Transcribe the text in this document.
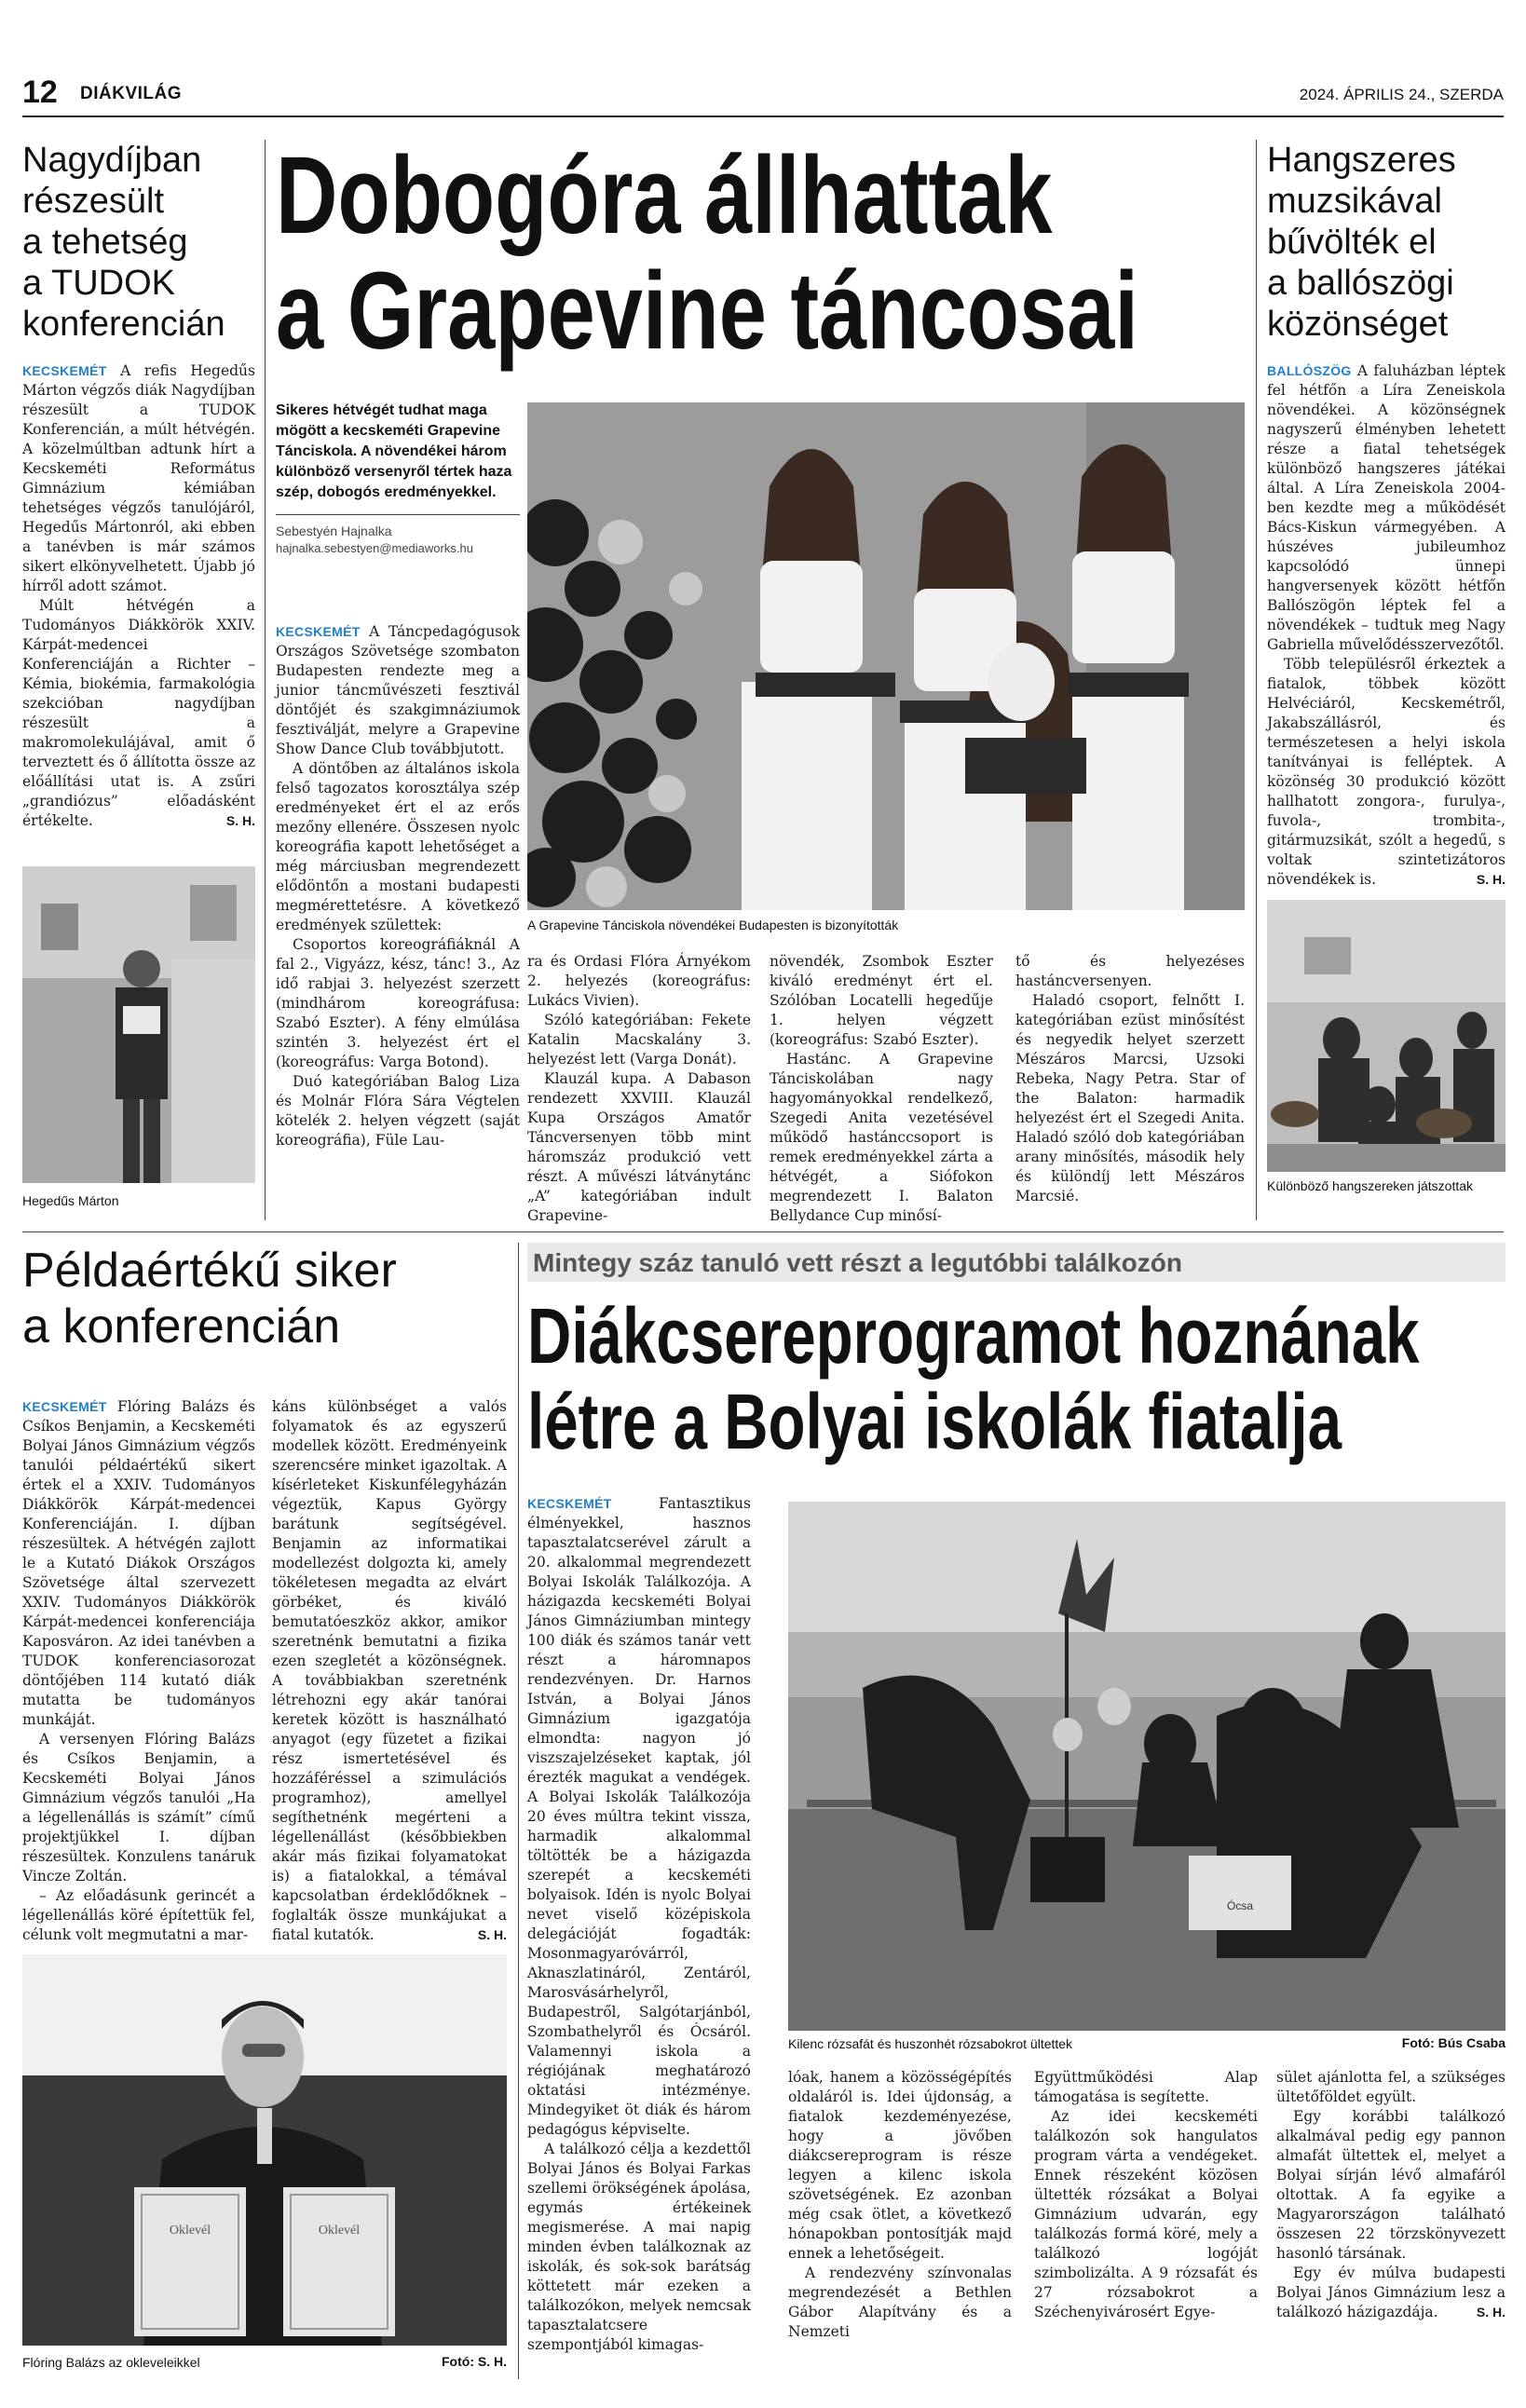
12 DIÁKVILÁG	2024. ÁPRILIS 24., SZERDA
Nagydíjban
részesült
a tehetség
a TUDOK
konferencián

KECSKEMÉT A refis Hegedűs Márton végzős diák Nagydíjban részesült a TUDOK Konferencián, a múlt hétvégén. A közelmúltban adtunk hírt a Kecskeméti Református Gimnázium kémiában tehetséges végzős tanulójáról, Hegedűs Mártonról, aki ebben a tanévben is már számos sikert elkönyvelhetett. Újabb jó hírről adott számot.

Múlt hétvégén a Tudományos Diákkörök XXIV. Kárpát-medencei Konferenciáján a Richter – Kémia, biokémia, farmakológia szekcióban nagydíjban részesült a makromolekulájával, amit ő terveztett és ő állította össze az előállítási utat is. A zsűri „grandiózus” előadásként értékelte.	S. H.

Hegedűs Márton
Dobogóra állhattak
a Grapevine táncosai
Sikeres hétvégét tudhat maga mögött a kecskeméti Grapevine Tánciskola. A növendékei három különböző versenyről tértek haza szép, dobogós eredményekkel.
Sebestyén Hajnalka
hajnalka.sebestyen@mediaworks.hu

KECSKEMÉT A Táncpedagógusok Országos Szövetsége szombaton Budapesten rendezte meg a junior táncművészeti fesztivál döntőjét és szakgimnáziumok fesztiválját, melyre a Grapevine Show Dance Club továbbjutott.

A döntőben az általános iskola felső tagozatos korosztálya szép eredményeket ért el az erős mezőny ellenére. Összesen nyolc koreográfia kapott lehetőséget a még márciusban megrendezett elődöntőn a mostani budapesti megmérettetésre. A következő eredmények születtek:

Csoportos koreográfiáknál A fal 2., Vigyázz, kész, tánc! 3., Az idő rabjai 3. helyezést szerzett (mindhárom koreográfusa: Szabó Eszter). A fény elmúlása szintén 3. helyezést ért el (koreográfus: Varga Botond).

Duó kategóriában Balog Liza és Molnár Flóra Sára Végtelen kötelék 2. helyen végzett (saját koreográfia), Füle Lau-

A Grapevine Tánciskola növendékei Budapesten is bizonyították

ra és Ordasi Flóra Árnyékom 2. helyezés (koreográfus: Lukács Vivien).

Szóló kategóriában: Fekete Katalin Macskalány 3. helyezést lett (Varga Donát).

Klauzál kupa. A Dabason rendezett XXVIII. Klauzál Kupa Országos Amatőr Táncversenyen több mint háromszáz produkció vett részt. A művészi látványtánc „A” kategóriában indult Grapevine-

növendék, Zsombok Eszter kiváló eredményt ért el. Szólóban Locatelli hegedűje 1. helyen végzett (koreográfus: Szabó Eszter).

Hastánc. A Grapevine Tánciskolában nagy hagyományokkal rendelkező, Szegedi Anita vezetésével működő hastánccsoport is remek eredményekkel zárta a hétvégét, a Siófokon megrendezett I. Balaton Bellydance Cup minősí-

tő és helyezéses hastáncversenyen.

Haladó csoport, felnőtt I. kategóriában ezüst minősítést és negyedik helyet szerzett Mészáros Marcsi, Uzsoki Rebeka, Nagy Petra. Star of the Balaton: harmadik helyezést ért el Szegedi Anita. Haladó szóló dob kategóriában arany minősítés, második hely és különdíj lett Mészáros Marcsié.

Hangszeres
muzsikával
bűvölték el
a ballószögi
közönséget

BALLÓSZÖG A faluházban léptek fel hétfőn a Líra Zeneiskola növendékei. A közönségnek nagyszerű élményben lehetett része a fiatal tehetségek különböző hangszeres játékai által. A Líra Zeneiskola 2004-ben kezdte meg a működését Bács-Kiskun vármegyében. A húszéves jubileumhoz kapcsolódó ünnepi hangversenyek között hétfőn Ballószögön léptek fel a növendékek – tudtuk meg Nagy Gabriella művelődésszervezőtől.

Több településről érkeztek a fiatalok, többek között Helvéciáról, Kecskemétről, Jakabszállásról, és természetesen a helyi iskola tanítványai is felléptek. A közönség 30 produkció között hallhatott zongora-, furulya-, fuvola-, trombita-, gitármuzsikát, szólt a hegedű, s voltak szintetizátoros növendékek is.	S. H.

Különböző hangszereken játszottak
Példaértékű siker
a konferencián

KECSKEMÉT Flóring Balázs és Csíkos Benjamin, a Kecskeméti Bolyai János Gimnázium végzős tanulói példaértékű sikert értek el a XXIV. Tudományos Diákkörök Kárpát-medencei Konferenciáján. I. díjban részesültek. A hétvégén zajlott le a Kutató Diákok Országos Szövetsége által szervezett XXIV. Tudományos Diákkörök Kárpát-medencei konferenciája Kaposváron. Az idei tanévben a TUDOK konferenciasorozat döntőjében 114 kutató diák mutatta be tudományos munkáját.

A versenyen Flóring Balázs és Csíkos Benjamin, a Kecskeméti Bolyai János Gimnázium végzős tanulói „Ha a légellenállás is számít” című projektjükkel I. díjban részesültek. Konzulens tanáruk Vincze Zoltán.

– Az előadásunk gerincét a légellenállás köré építettük fel, célunk volt megmutatni a mar-

káns különbséget a valós folyamatok és az egyszerű modellek között. Eredményeink szerencsére minket igazoltak. A kísérleteket Kiskunfélegyházán végeztük, Kapus György barátunk segítségével. Benjamin az informatikai modellezést dolgozta ki, amely tökéletesen megadta az elvárt görbéket, és kiváló bemutatóeszköz akkor, amikor szeretnénk bemutatni a fizika ezen szegletét a közönségnek. A továbbiakban szeretnénk létrehozni egy akár tanórai keretek között is használható anyagot (egy füzetet a fizikai rész ismertetésével és hozzáféréssel a szimulációs programhoz), amellyel segíthetnénk megérteni a légellenállást (későbbiekben akár más fizikai folyamatokat is) a fiatalokkal, a témával kapcsolatban érdeklődőknek – foglalták össze munkájukat a fiatal kutatók.	S. H.

Oklevél	Oklevél
Flóring Balázs az okleveleikkel	Fotó: S. H.
Mintegy száz tanuló vett részt a legutóbbi találkozón
Diákcsereprogramot hoznának
létre a Bolyai iskolák fiatalja

KECSKEMÉT	Fantasztikus élményekkel, hasznos tapasztalatcserével zárult a 20. alkalommal megrendezett Bolyai Iskolák Találkozója. A házigazda kecskeméti Bolyai János Gimnáziumban mintegy 100 diák és számos tanár vett részt a háromnapos rendezvényen. Dr. Harnos István, a Bolyai János Gimnázium igazgatója elmondta: nagyon jó viszszajelzéseket kaptak, jól érezték magukat a vendégek. A Bolyai Iskolák Találkozója 20 éves múltra tekint vissza, harmadik alkalommal töltötték be a házigazda szerepét a kecskeméti bolyaisok. Idén is nyolc Bolyai nevet viselő középiskola delegációját fogadták: Mosonmagyaróvárról, Aknaszlatináról, Zentáról, Marosvásárhelyről, Budapestről, Salgótarjánból, Szombathelyről és Ócsáról. Valamennyi iskola a régiójának meghatározó oktatási intézménye. Mindegyiket öt diák és három pedagógus képviselte.

A találkozó célja a kezdettől Bolyai János és Bolyai Farkas szellemi örökségének ápolása, egymás értékeinek megismerése. A mai napig minden évben találkoznak az iskolák, és sok-sok barátság köttetett már ezeken a találkozókon, melyek nemcsak tapasztalatcsere szempontjából kimagas-

Ócsa
Kilenc rózsafát és huszonhét rózsabokrot ültettek	Fotó: Bús Csaba

lóak, hanem a közösségépítés oldaláról is. Idei újdonság, a fiatalok kezdeményezése, hogy a jövőben diákcsereprogram is része legyen a kilenc iskola szövetségének. Ez azonban még csak ötlet, a következő hónapokban pontosítják majd ennek a lehetőségeit.

A rendezvény színvonalas megrendezését a Bethlen Gábor Alapítvány és a Nemzeti

Együttműködési Alap támogatása is segítette.

Az idei kecskeméti találkozón sok hangulatos program várta a vendégeket. Ennek részeként közösen ültették rózsákat a Bolyai Gimnázium udvarán, egy találkozás formá köré, mely a találkozó logóját szimbolizálta. A 9 rózsafát és 27 rózsabokrot a Széchenyivárosért Egye-

sület ajánlotta fel, a szükséges ültetőföldet egyült.

Egy korábbi találkozó alkalmával pedig egy pannon almafát ültettek el, melyet a Bolyai sírján lévő almafáról oltottak. A fa egyike a Magyarországon található összesen 22 törzskönyvezett hasonló társának.

Egy év múlva budapesti Bolyai János Gimnázium lesz a találkozó házigazdája.	S. H.
